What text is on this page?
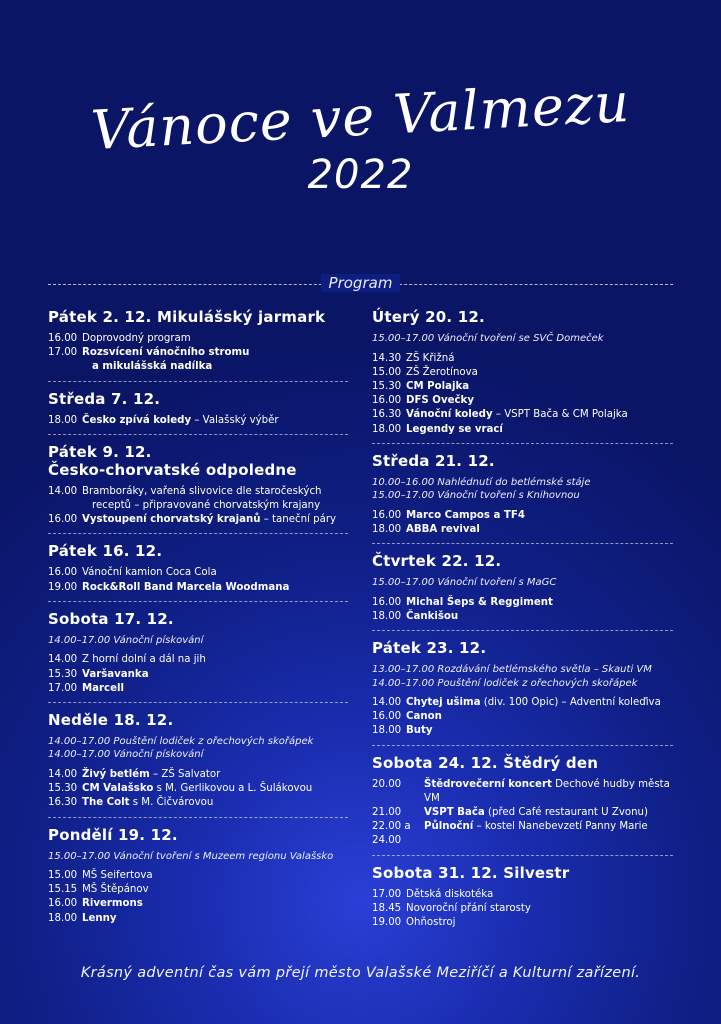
Vánoce ve Valmezu
2022
Program
Pátek 2. 12. Mikulášský jarmark
16.00 Doprovodný program
17.00 Rozsvícení vánočního stromu
a mikulášská nadílka
Středa 7. 12.
18.00 Česko zpívá koledy – Valašský výběr
Pátek 9. 12.
Česko-chorvatské odpoledne
14.00 Bramboráky, vařená slivovice dle staročeských
receptů – připravované chorvatským krajany
16.00 Vystoupení chorvatský krajanů – taneční páry
Pátek 16. 12.
16.00 Vánoční kamion Coca Cola
19.00 Rock&Roll Band Marcela Woodmana
Sobota 17. 12.
14.00–17.00 Vánoční pískování
14.00 Z horní dolní a dál na jih
15.30 Varšavanka
17.00 Marcell
Neděle 18. 12.
14.00–17.00 Pouštění lodiček z ořechových skořápek
14.00–17.00 Vánoční pískování
14.00 Živý betlém – ZŠ Salvator
15.30 CM Valašsko s M. Gerlikovou a L. Šulákovou
16.30 The Colt s M. Čičvárovou
Pondělí 19. 12.
15.00–17.00 Vánoční tvoření s Muzeem regionu Valašsko
15.00 MŠ Seifertova
15.15 MŠ Štěpánov
16.00 Rivermons
18.00 Lenny
Úterý 20. 12.
15.00–17.00 Vánoční tvoření se SVČ Domeček
14.30 ZŠ Křižná
15.00 ZŠ Žerotínova
15.30 CM Polajka
16.00 DFS Ovečky
16.30 Vánoční koledy – VSPT Bača & CM Polajka
18.00 Legendy se vrací
Středa 21. 12.
10.00–16.00 Nahlédnutí do betlémské stáje
15.00–17.00 Vánoční tvoření s Knihovnou
16.00 Marco Campos a TF4
18.00 ABBA revival
Čtvrtek 22. 12.
15.00–17.00 Vánoční tvoření s MaGC
16.00 Michal Šeps & Reggiment
18.00 Čankišou
Pátek 23. 12.
13.00–17.00 Rozdávání betlémského světla – Skauti VM
14.00–17.00 Pouštění lodiček z ořechových skořápek
14.00 Chytej ušima (div. 100 Opic) – Adventní koleďiva
16.00 Canon
18.00 Buty
Sobota 24. 12. Štědrý den
20.00	Štědrovečerní koncert Dechové hudby města VM
21.00	VSPT Bača (před Café restaurant U Zvonu)
22.00 a 24.00
Půlnoční – kostel Nanebevzetí Panny Marie
Sobota 31. 12. Silvestr
17.00 Dětská diskotéka
18.45 Novoroční přání starosty
19.00 Ohňostroj
Krásný adventní čas vám přejí město Valašské Meziříčí a Kulturní zařízení.
